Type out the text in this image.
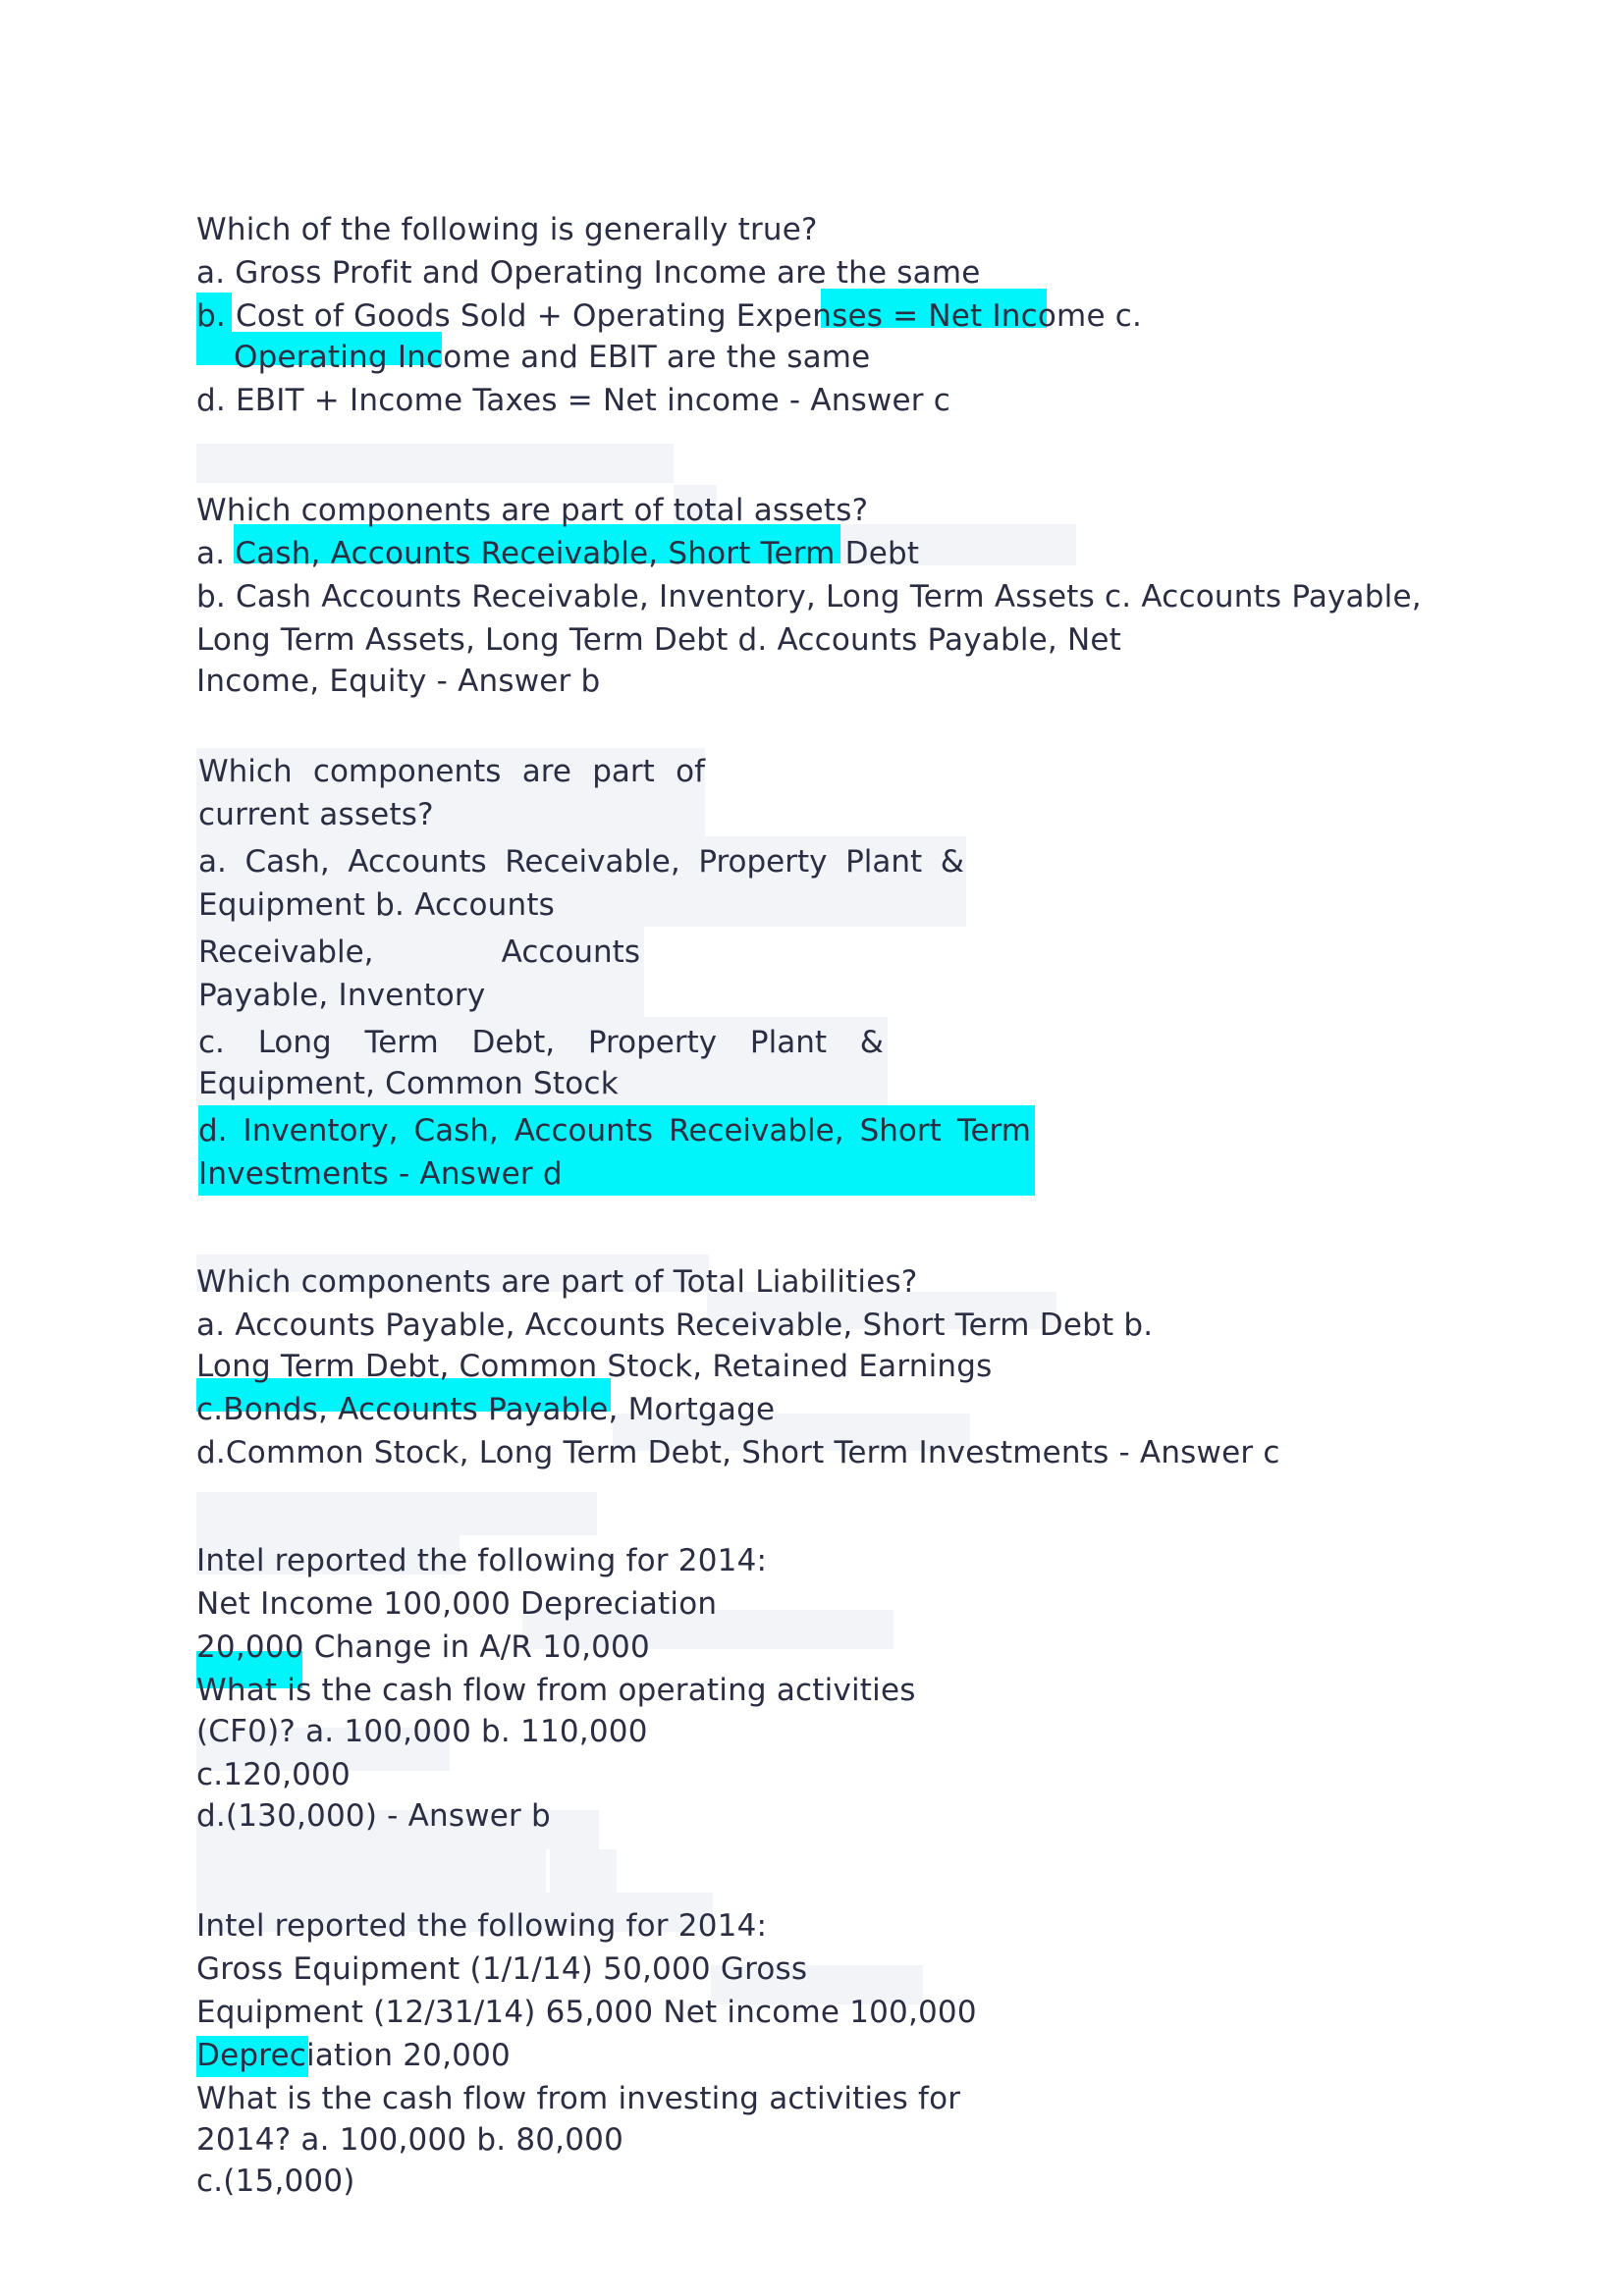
Which of the following is generally true?
a. Gross Profit and Operating Income are the same
b. Cost of Goods Sold + Operating Expenses = Net Income c.
Operating Income and EBIT are the same
d. EBIT + Income Taxes = Net income - Answer c
Which components are part of total assets?
a. Cash, Accounts Receivable, Short Term Debt
b. Cash Accounts Receivable, Inventory, Long Term Assets c. Accounts Payable,
Long Term Assets, Long Term Debt d. Accounts Payable, Net
Income, Equity - Answer b
Which components are part of
current assets?
a. Cash, Accounts Receivable, Property Plant &
Equipment b. Accounts
Receivable,	Accounts
Payable, Inventory
c. Long Term Debt, Property Plant &
Equipment, Common Stock
d. Inventory, Cash, Accounts Receivable, Short Term
Investments - Answer d
Which components are part of Total Liabilities?
a. Accounts Payable, Accounts Receivable, Short Term Debt b.
Long Term Debt, Common Stock, Retained Earnings
c.Bonds, Accounts Payable, Mortgage
d.Common Stock, Long Term Debt, Short Term Investments - Answer c
Intel reported the following for 2014:
Net Income 100,000 Depreciation
20,000 Change in A/R 10,000
What is the cash flow from operating activities
(CF0)? a. 100,000 b. 110,000
c.120,000
d.(130,000) - Answer b
Intel reported the following for 2014:
Gross Equipment (1/1/14) 50,000 Gross
Equipment (12/31/14) 65,000 Net income 100,000
Depreciation 20,000
What is the cash flow from investing activities for
2014? a. 100,000 b. 80,000
c.(15,000)
